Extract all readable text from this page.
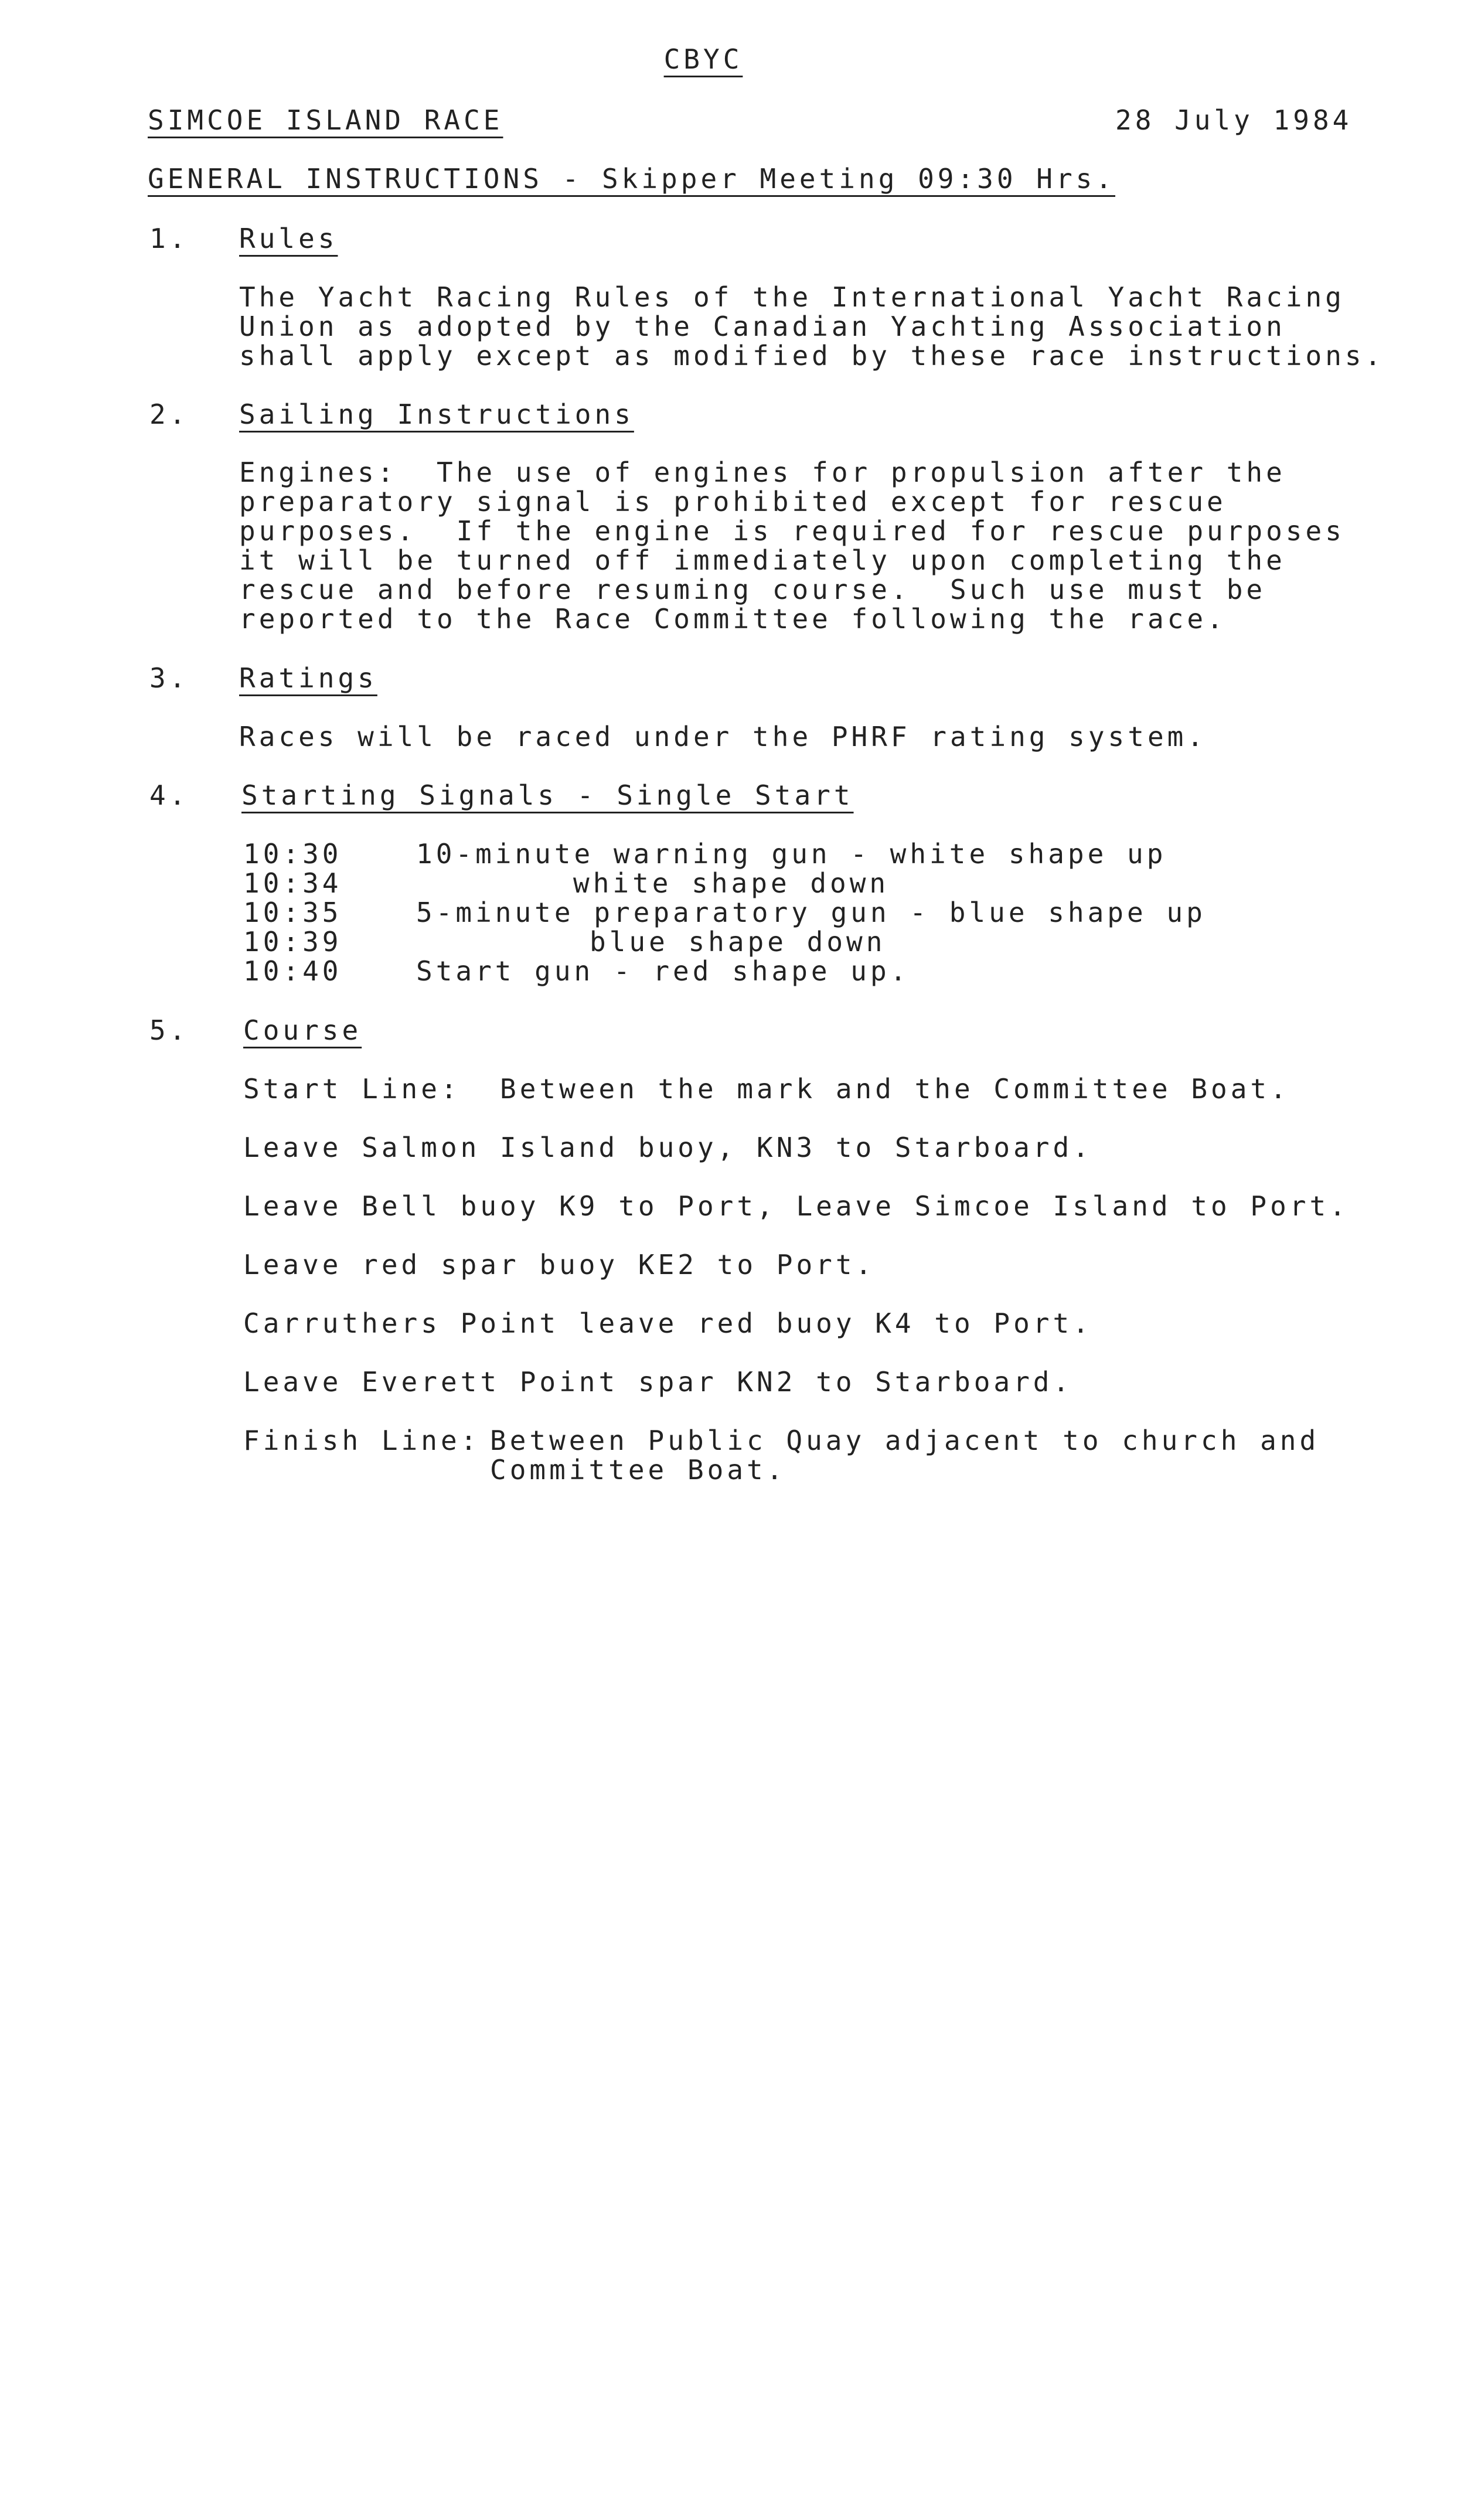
CBYC

SIMCOE ISLAND RACE

	28 July 1984

GENERAL INSTRUCTIONS - Skipper Meeting 09:30 Hrs.

1.

Rules

The Yacht Racing Rules of the International Yacht Racing

Union as adopted by the Canadian Yachting Association

shall apply except as modified by these race instructions.

2.

Sailing Instructions

Engines:  The use of engines for propulsion after the

preparatory signal is prohibited except for rescue

purposes.  If the engine is required for rescue purposes

it will be turned off immediately upon completing the

rescue and before resuming course.  Such use must be

reported to the Race Committee following the race.

3.

Ratings

Races will be raced under the PHRF rating system.

4.

Starting Signals - Single Start

10:30

	10-minute warning gun - white shape up

10:34

	white shape down

10:35

	5-minute preparatory gun - blue shape up

10:39

	blue shape down

10:40

	Start gun - red shape up.

5.

Course

Start Line:  Between the mark and the Committee Boat.

Leave Salmon Island buoy, KN3 to Starboard.

Leave Bell buoy K9 to Port, Leave Simcoe Island to Port.

Leave red spar buoy KE2 to Port.

Carruthers Point leave red buoy K4 to Port.

Leave Everett Point spar KN2 to Starboard.

Finish Line:

Between Public Quay adjacent to church and

Committee Boat.
